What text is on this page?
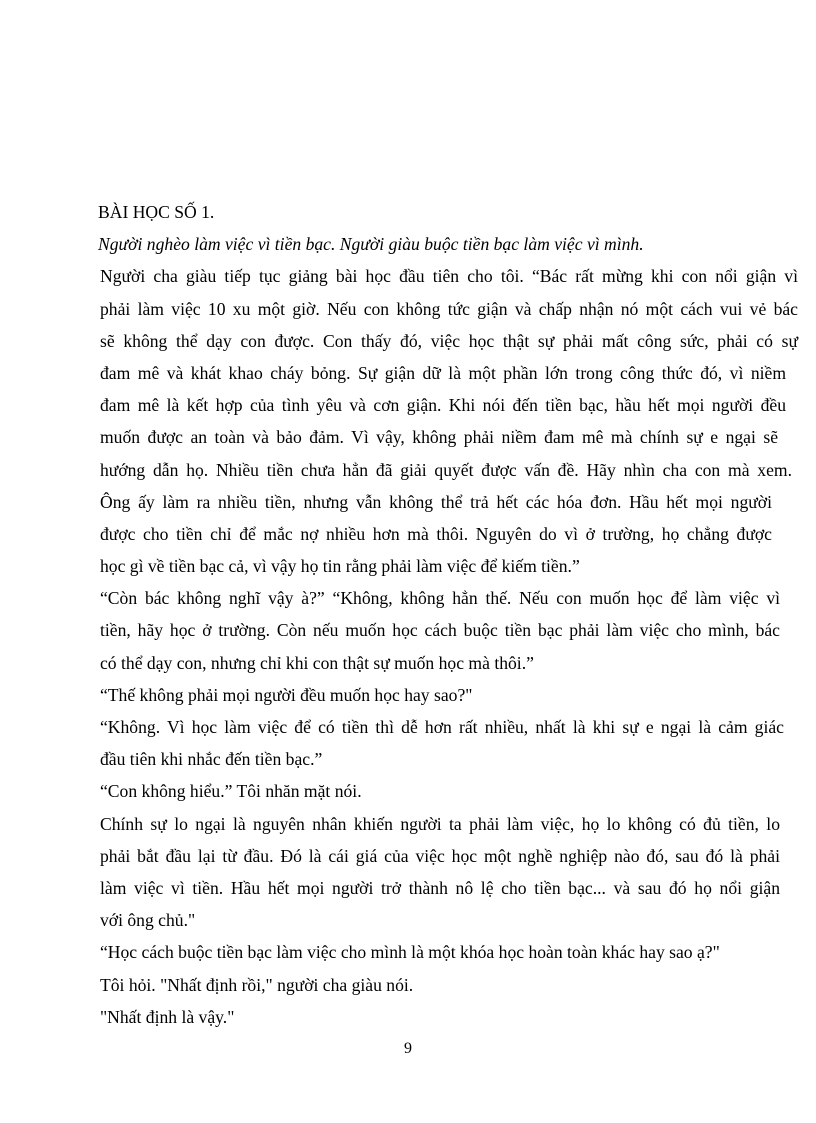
BÀI HỌC SỐ 1.
Người nghèo làm việc vì tiền bạc. Người giàu buộc tiền bạc làm việc vì mình.
Người cha giàu tiếp tục giảng bài học đầu tiên cho tôi. “Bác rất mừng khi con nổi giận vì
phải làm việc 10 xu một giờ. Nếu con không tức giận và chấp nhận nó một cách vui vẻ bác
sẽ không thể dạy con được. Con thấy đó, việc học thật sự phải mất công sức, phải có sự
đam mê và khát khao cháy bỏng. Sự giận dữ là một phần lớn trong công thức đó, vì niềm
đam mê là kết hợp của tình yêu và cơn giận. Khi nói đến tiền bạc, hầu hết mọi người đều
muốn được an toàn và bảo đảm. Vì vậy, không phải niềm đam mê mà chính sự e ngại sẽ
hướng dẫn họ. Nhiều tiền chưa hẳn đã giải quyết được vấn đề. Hãy nhìn cha con mà xem.
Ông ấy làm ra nhiều tiền, nhưng vẫn không thể trả hết các hóa đơn. Hầu hết mọi người
được cho tiền chỉ để mắc nợ nhiều hơn mà thôi. Nguyên do vì ở trường, họ chẳng được
học gì về tiền bạc cả, vì vậy họ tin rằng phải làm việc để kiếm tiền.”
“Còn bác không nghĩ vậy à?” “Không, không hẳn thế. Nếu con muốn học để làm việc vì
tiền, hãy học ở trường. Còn nếu muốn học cách buộc tiền bạc phải làm việc cho mình, bác
có thể dạy con, nhưng chỉ khi con thật sự muốn học mà thôi.”
“Thế không phải mọi người đều muốn học hay sao?"
“Không. Vì học làm việc để có tiền thì dễ hơn rất nhiều, nhất là khi sự e ngại là cảm giác
đầu tiên khi nhắc đến tiền bạc.”
“Con không hiểu.” Tôi nhăn mặt nói.
Chính sự lo ngại là nguyên nhân khiến người ta phải làm việc, họ lo không có đủ tiền, lo
phải bắt đầu lại từ đầu. Đó là cái giá của việc học một nghề nghiệp nào đó, sau đó là phải
làm việc vì tiền. Hầu hết mọi người trở thành nô lệ cho tiền bạc... và sau đó họ nổi giận
với ông chủ."
“Học cách buộc tiền bạc làm việc cho mình là một khóa học hoàn toàn khác hay sao ạ?"
Tôi hỏi. "Nhất định rồi," người cha giàu nói.
"Nhất định là vậy."
9
